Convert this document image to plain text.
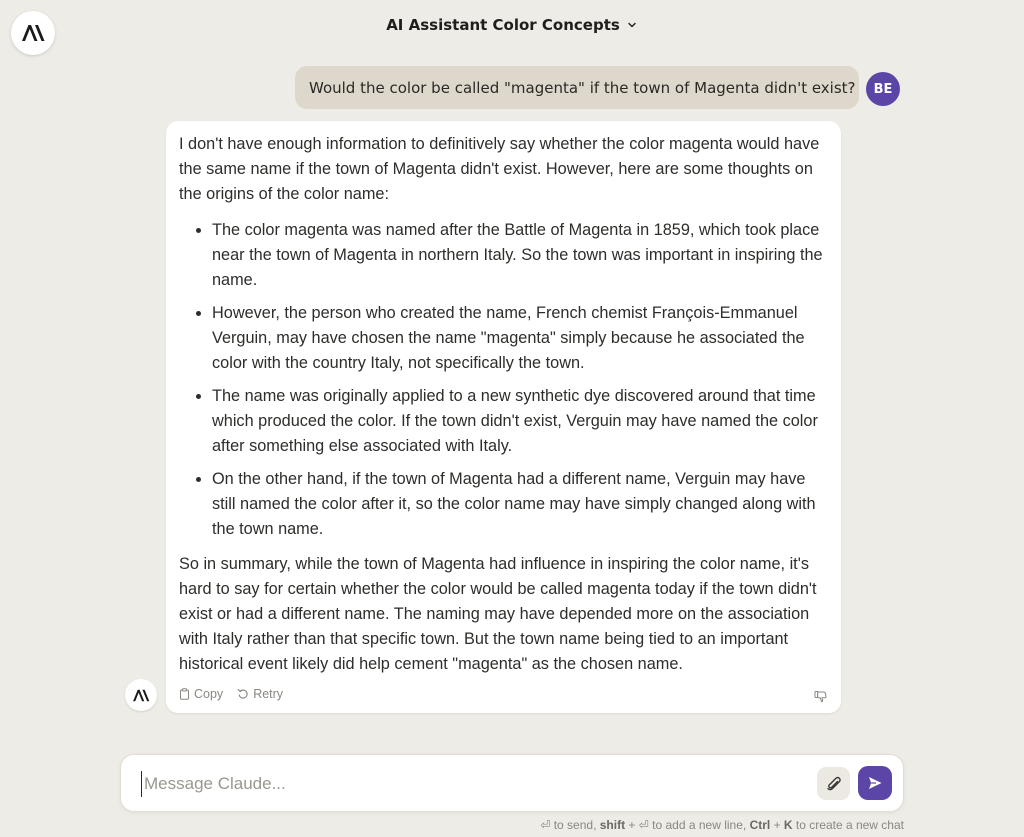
AI Assistant Color Concepts
Would the color be called "magenta" if the town of Magenta didn't exist?	BE

I don't have enough information to definitively say whether the color magenta would have the same name if the town of Magenta didn't exist. However, here are some thoughts on the origins of the color name:

• The color magenta was named after the Battle of Magenta in 1859, which took place near the town of Magenta in northern Italy. So the town was important in inspiring the name.
• However, the person who created the name, French chemist François-Emmanuel Verguin, may have chosen the name "magenta" simply because he associated the color with the country Italy, not specifically the town.
• The name was originally applied to a new synthetic dye discovered around that time which produced the color. If the town didn't exist, Verguin may have named the color after something else associated with Italy.
• On the other hand, if the town of Magenta had a different name, Verguin may have still named the color after it, so the color name may have simply changed along with the town name.

So in summary, while the town of Magenta had influence in inspiring the color name, it's hard to say for certain whether the color would be called magenta today if the town didn't exist or had a different name. The naming may have depended more on the association with Italy rather than that specific town. But the town name being tied to an important historical event likely did help cement "magenta" as the chosen name.

Copy Retry
Message Claude...
⏎ to send, shift + ⏎ to add a new line, Ctrl + K to create a new chat
